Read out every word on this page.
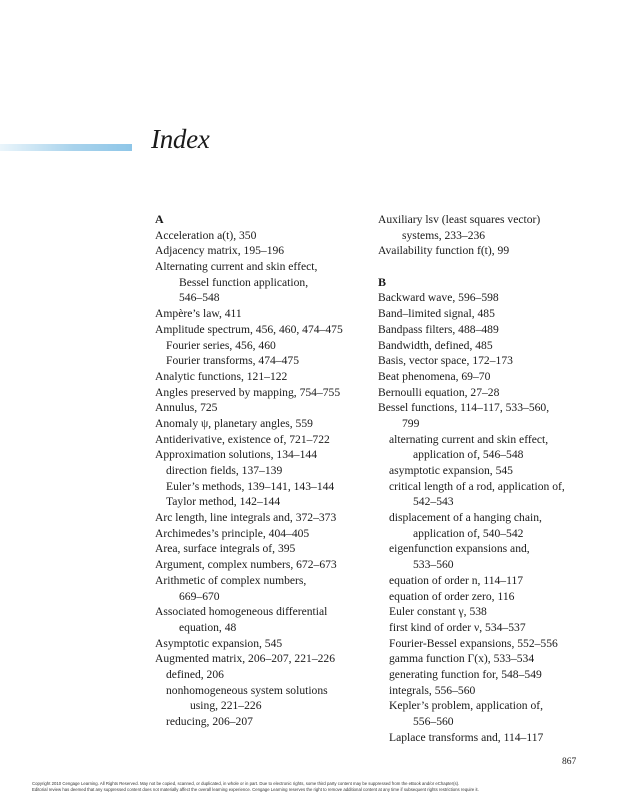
Index
A
Acceleration a(t), 350
Adjacency matrix, 195–196
Alternating current and skin effect,
Bessel function application,
546–548
Ampère’s law, 411
Amplitude spectrum, 456, 460, 474–475
Fourier series, 456, 460
Fourier transforms, 474–475
Analytic functions, 121–122
Angles preserved by mapping, 754–755
Annulus, 725
Anomaly ψ, planetary angles, 559
Antiderivative, existence of, 721–722
Approximation solutions, 134–144
direction fields, 137–139
Euler’s methods, 139–141, 143–144
Taylor method, 142–144
Arc length, line integrals and, 372–373
Archimedes’s principle, 404–405
Area, surface integrals of, 395
Argument, complex numbers, 672–673
Arithmetic of complex numbers,
669–670
Associated homogeneous differential
equation, 48
Asymptotic expansion, 545
Augmented matrix, 206–207, 221–226
defined, 206
nonhomogeneous system solutions
using, 221–226
reducing, 206–207
Auxiliary lsv (least squares vector)
systems, 233–236
Availability function f(t), 99
B
Backward wave, 596–598
Band–limited signal, 485
Bandpass filters, 488–489
Bandwidth, defined, 485
Basis, vector space, 172–173
Beat phenomena, 69–70
Bernoulli equation, 27–28
Bessel functions, 114–117, 533–560,
799
alternating current and skin effect,
application of, 546–548
asymptotic expansion, 545
critical length of a rod, application of,
542–543
displacement of a hanging chain,
application of, 540–542
eigenfunction expansions and,
533–560
equation of order n, 114–117
equation of order zero, 116
Euler constant γ, 538
first kind of order ν, 534–537
Fourier-Bessel expansions, 552–556
gamma function Γ(x), 533–534
generating function for, 548–549
integrals, 556–560
Kepler’s problem, application of,
556–560
Laplace transforms and, 114–117
867
Copyright 2010 Cengage Learning. All Rights Reserved. May not be copied, scanned, or duplicated, in whole or in part. Due to electronic rights, some third party content may be suppressed from the eBook and/or eChapter(s).
Editorial review has deemed that any suppressed content does not materially affect the overall learning experience. Cengage Learning reserves the right to remove additional content at any time if subsequent rights restrictions require it.
